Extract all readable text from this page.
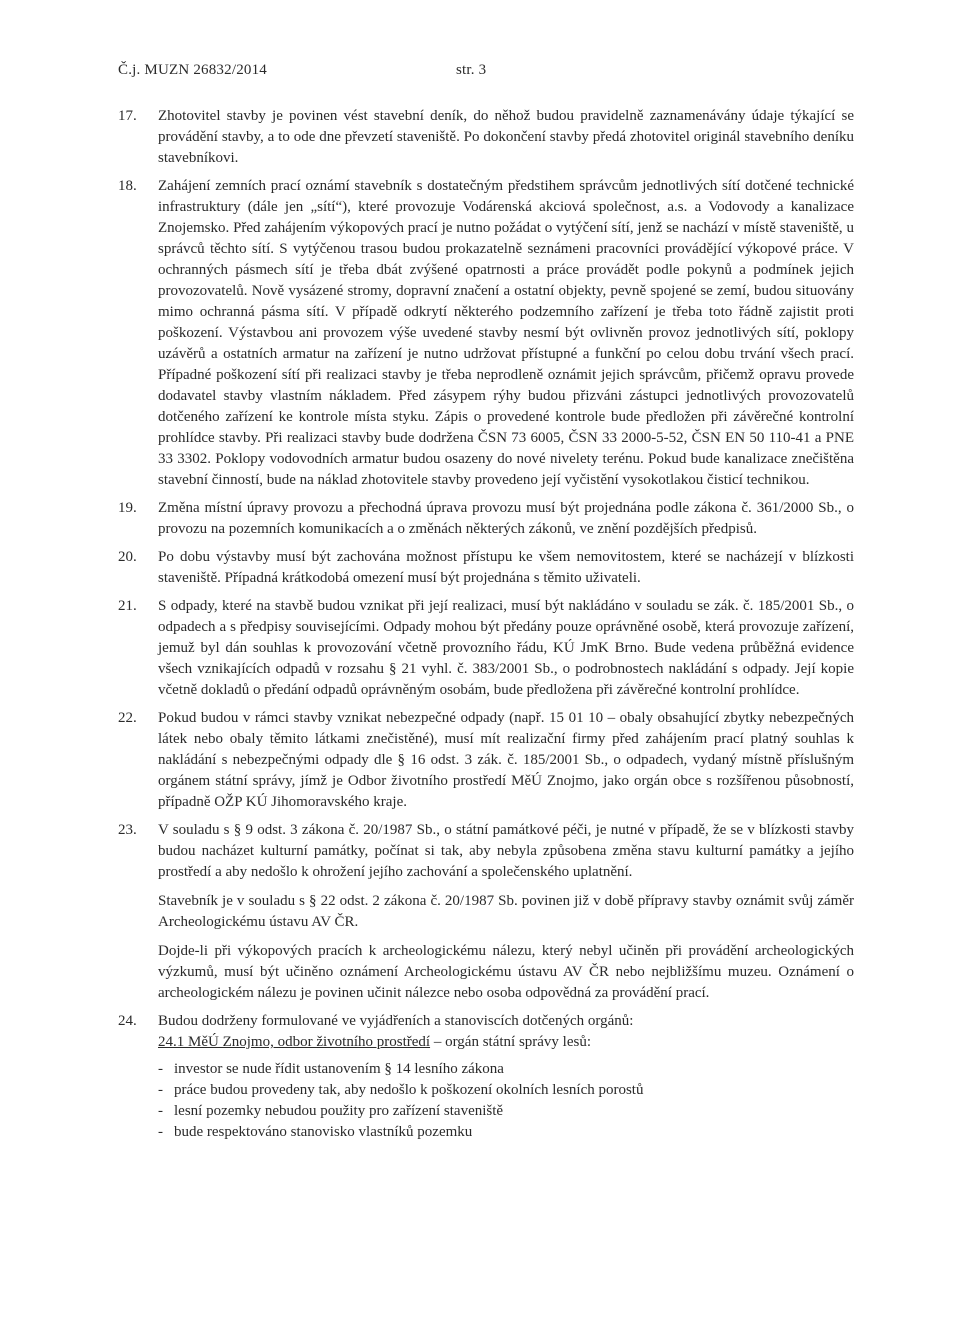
Č.j. MUZN 26832/2014	str. 3
17. Zhotovitel stavby je povinen vést stavební deník, do něhož budou pravidelně zaznamenávány údaje týkající se provádění stavby, a to ode dne převzetí staveniště. Po dokončení stavby předá zhotovitel originál stavebního deníku stavebníkovi.

18. Zahájení zemních prací oznámí stavebník s dostatečným předstihem správcům jednotlivých sítí dotčené technické infrastruktury (dále jen „sítí“), které provozuje Vodárenská akciová společnost, a.s. a Vodovody a kanalizace Znojemsko. Před zahájením výkopových prací je nutno požádat o vytýčení sítí, jenž se nachází v místě staveniště, u správců těchto sítí. S vytýčenou trasou budou prokazatelně seznámeni pracovníci provádějící výkopové práce. V ochranných pásmech sítí je třeba dbát zvýšené opatrnosti a práce provádět podle pokynů a podmínek jejich provozovatelů. Nově vysázené stromy, dopravní značení a ostatní objekty, pevně spojené se zemí, budou situovány mimo ochranná pásma sítí. V případě odkrytí některého podzemního zařízení je třeba toto řádně zajistit proti poškození. Výstavbou ani provozem výše uvedené stavby nesmí být ovlivněn provoz jednotlivých sítí, poklopy uzávěrů a ostatních armatur na zařízení je nutno udržovat přístupné a funkční po celou dobu trvání všech prací. Případné poškození sítí při realizaci stavby je třeba neprodleně oznámit jejich správcům, přičemž opravu provede dodavatel stavby vlastním nákladem. Před zásypem rýhy budou přizváni zástupci jednotlivých provozovatelů dotčeného zařízení ke kontrole místa styku. Zápis o provedené kontrole bude předložen při závěrečné kontrolní prohlídce stavby. Při realizaci stavby bude dodržena ČSN 73 6005, ČSN 33 2000-5-52, ČSN EN 50 110-41 a PNE 33 3302. Poklopy vodovodních armatur budou osazeny do nové nivelety terénu. Pokud bude kanalizace znečištěna stavební činností, bude na náklad zhotovitele stavby provedeno její vyčistění vysokotlakou čisticí technikou.

19. Změna místní úpravy provozu a přechodná úprava provozu musí být projednána podle zákona č. 361/2000 Sb., o provozu na pozemních komunikacích a o změnách některých zákonů, ve znění pozdějších předpisů.

20. Po dobu výstavby musí být zachována možnost přístupu ke všem nemovitostem, které se nacházejí v blízkosti staveniště. Případná krátkodobá omezení musí být projednána s těmito uživateli.

21. S odpady, které na stavbě budou vznikat při její realizaci, musí být nakládáno v souladu se zák. č. 185/2001 Sb., o odpadech a s předpisy souvisejícími. Odpady mohou být předány pouze oprávněné osobě, která provozuje zařízení, jemuž byl dán souhlas k provozování včetně provozního řádu, KÚ JmK Brno. Bude vedena průběžná evidence všech vznikajících odpadů v rozsahu § 21 vyhl. č. 383/2001 Sb., o podrobnostech nakládání s odpady. Její kopie včetně dokladů o předání odpadů oprávněným osobám, bude předložena při závěrečné kontrolní prohlídce.

22. Pokud budou v rámci stavby vznikat nebezpečné odpady (např. 15 01 10 – obaly obsahující zbytky nebezpečných látek nebo obaly těmito látkami znečistěné), musí mít realizační firmy před zahájením prací platný souhlas k nakládání s nebezpečnými odpady dle § 16 odst. 3 zák. č. 185/2001 Sb., o odpadech, vydaný místně příslušným orgánem státní správy, jímž je Odbor životního prostředí MěÚ Znojmo, jako orgán obce s rozšířenou působností, případně OŽP KÚ Jihomoravského kraje.

23. V souladu s § 9 odst. 3 zákona č. 20/1987 Sb., o státní památkové péči, je nutné v případě, že se v blízkosti stavby budou nacházet kulturní památky, počínat si tak, aby nebyla způsobena změna stavu kulturní památky a jejího prostředí a aby nedošlo k ohrožení jejího zachování a společenského uplatnění.

Stavebník je v souladu s § 22 odst. 2 zákona č. 20/1987 Sb. povinen již v době přípravy stavby oznámit svůj záměr Archeologickému ústavu AV ČR.

Dojde-li při výkopových pracích k archeologickému nálezu, který nebyl učiněn při provádění archeologických výzkumů, musí být učiněno oznámení Archeologickému ústavu AV ČR nebo nejbližšímu muzeu. Oznámení o archeologickém nálezu je povinen učinit nálezce nebo osoba odpovědná za provádění prací.

24. Budou dodrženy formulované ve vyjádřeních a stanoviscích dotčených orgánů:

24.1 MěÚ Znojmo, odbor životního prostředí – orgán státní správy lesů:

- investor se nude řídit ustanovením § 14 lesního zákona
- práce budou provedeny tak, aby nedošlo k poškození okolních lesních porostů
- lesní pozemky nebudou použity pro zařízení staveniště
- bude respektováno stanovisko vlastníků pozemku
